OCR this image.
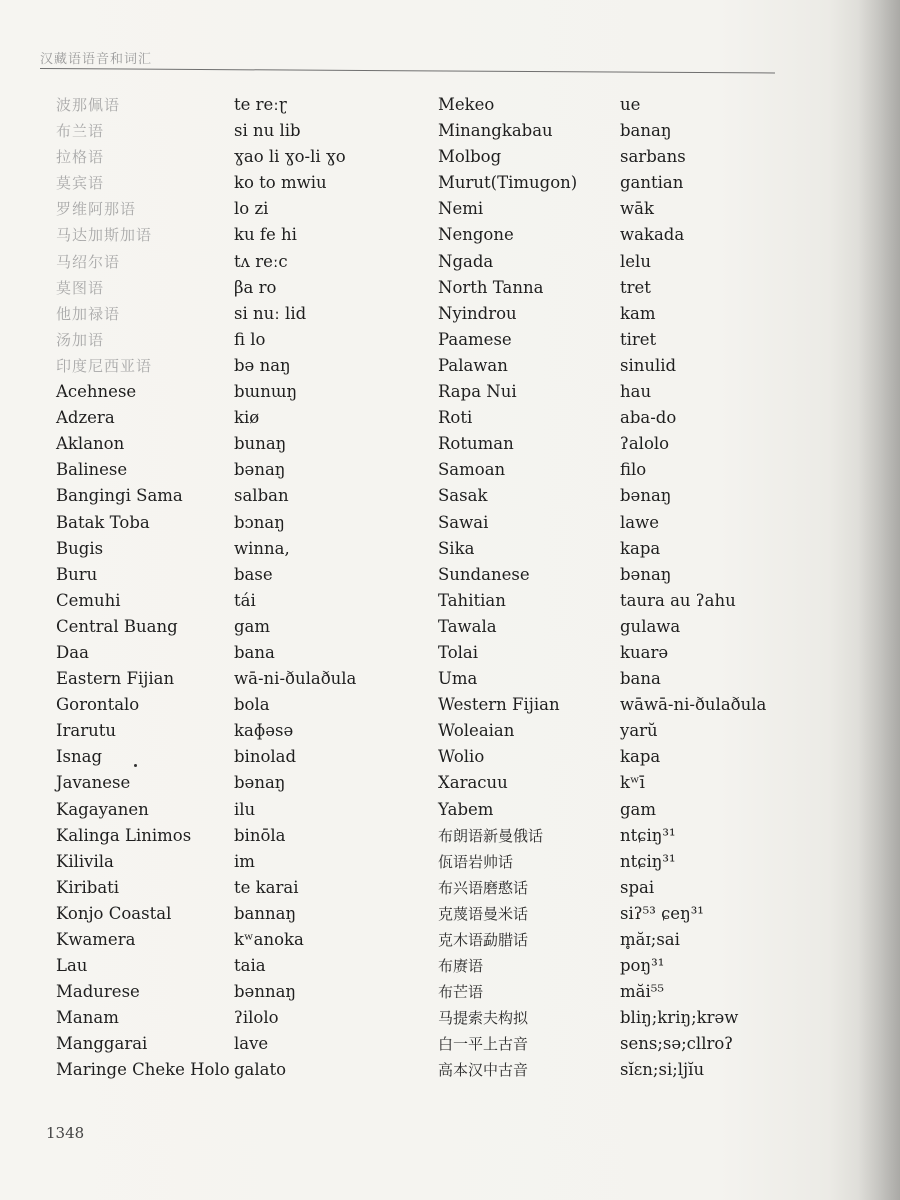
汉藏语语音和词汇
波那佩语
布兰语
拉格语
莫宾语
罗维阿那语
马达加斯加语
马绍尔语
莫图语
他加禄语
汤加语
印度尼西亚语
Acehnese
Adzera
Aklanon
Balinese
Bangingi Sama
Batak Toba
Bugis
Buru
Cemuhi
Central Buang
Daa
Eastern Fijian
Gorontalo
Irarutu
Isnag
Javanese
Kagayanen
Kalinga Linimos
Kilivila
Kiribati
Konjo Coastal
Kwamera
Lau
Madurese
Manam
Manggarai
Maringe Cheke Holo
te reːɽ
si nu lib
ɣao li ɣo-li ɣo
ko to mwiu
lo zi
ku fe hi
tʌ reːc
βa ro
si nuː lid
fi lo
bə naŋ
bɯnɯŋ
kiø
bunaŋ
bənaŋ
salban
bɔnaŋ
winna,
base
tái
gam
bana
wā-ni-ðulaðula
bola
kaɸəsə
binolad
bənaŋ
ilu
binōla
im
te karai
bannaŋ
kʷanoka
taia
bənnaŋ
ʔilolo
lave
galato
Mekeo
Minangkabau
Molbog
Murut(Timugon)
Nemi
Nengone
Ngada
North Tanna
Nyindrou
Paamese
Palawan
Rapa Nui
Roti
Rotuman
Samoan
Sasak
Sawai
Sika
Sundanese
Tahitian
Tawala
Tolai
Uma
Western Fijian
Woleaian
Wolio
Xaracuu
Yabem
布朗语新曼俄话
佤语岩帅话
布兴语磨憨话
克蔑语曼米话
克木语勐腊话
布赓语
布芒语
马提索夫构拟
白一平上古音
高本汉中古音
ue
banaŋ
sarbans
gantian
wāk
wakada
lelu
tret
kam
tiret
sinulid
hau
aba-do
ʔalolo
filo
bənaŋ
lawe
kapa
bənaŋ
taura au ʔahu
gulawa
kuarə
bana
wāwā-ni-ðulaðula
yarŭ
kapa
kʷī
gam
ntɕiŋ³¹
ntɕiŋ³¹
spai
siʔ⁵³ ɕeŋ³¹
m̥ăɪ;sai
poŋ³¹
măi⁵⁵
bliŋ;kriŋ;krəw
sens;sə;cllroʔ
sĭɛn;si;ljĭu
1348
